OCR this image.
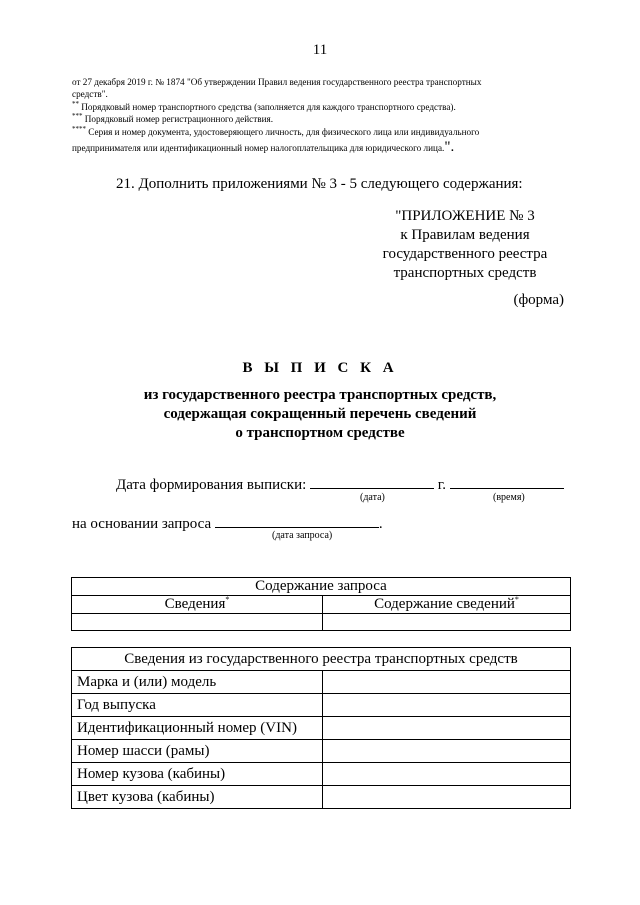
11
от 27 декабря 2019 г. № 1874 "Об утверждении Правил ведения государственного реестра транспортных
средств".
** Порядковый номер транспортного средства (заполняется для каждого транспортного средства).
*** Порядковый номер регистрационного действия.
**** Серия и номер документа, удостоверяющего личность, для физического лица или индивидуального
предпринимателя или идентификационный номер налогоплательщика для юридического лица.".
21. Дополнить приложениями № 3 - 5 следующего содержания:
"ПРИЛОЖЕНИЕ № 3
к Правилам ведения
государственного реестра
транспортных средств
(форма)
В Ы П И С К А
из государственного реестра транспортных средств,
содержащая сокращенный перечень сведений
о транспортном средстве
Дата формирования выписки:	г.
(дата)	(время)
на основании запроса	.
(дата запроса)
Содержание запроса	
Сведения*	Содержание сведений*

Сведения из государственного реестра транспортных средств	
Марка и (или) модель	
Год выпуска	
Идентификационный номер (VIN)	
Номер шасси (рамы)	
Номер кузова (кабины)	
Цвет кузова (кабины)	
